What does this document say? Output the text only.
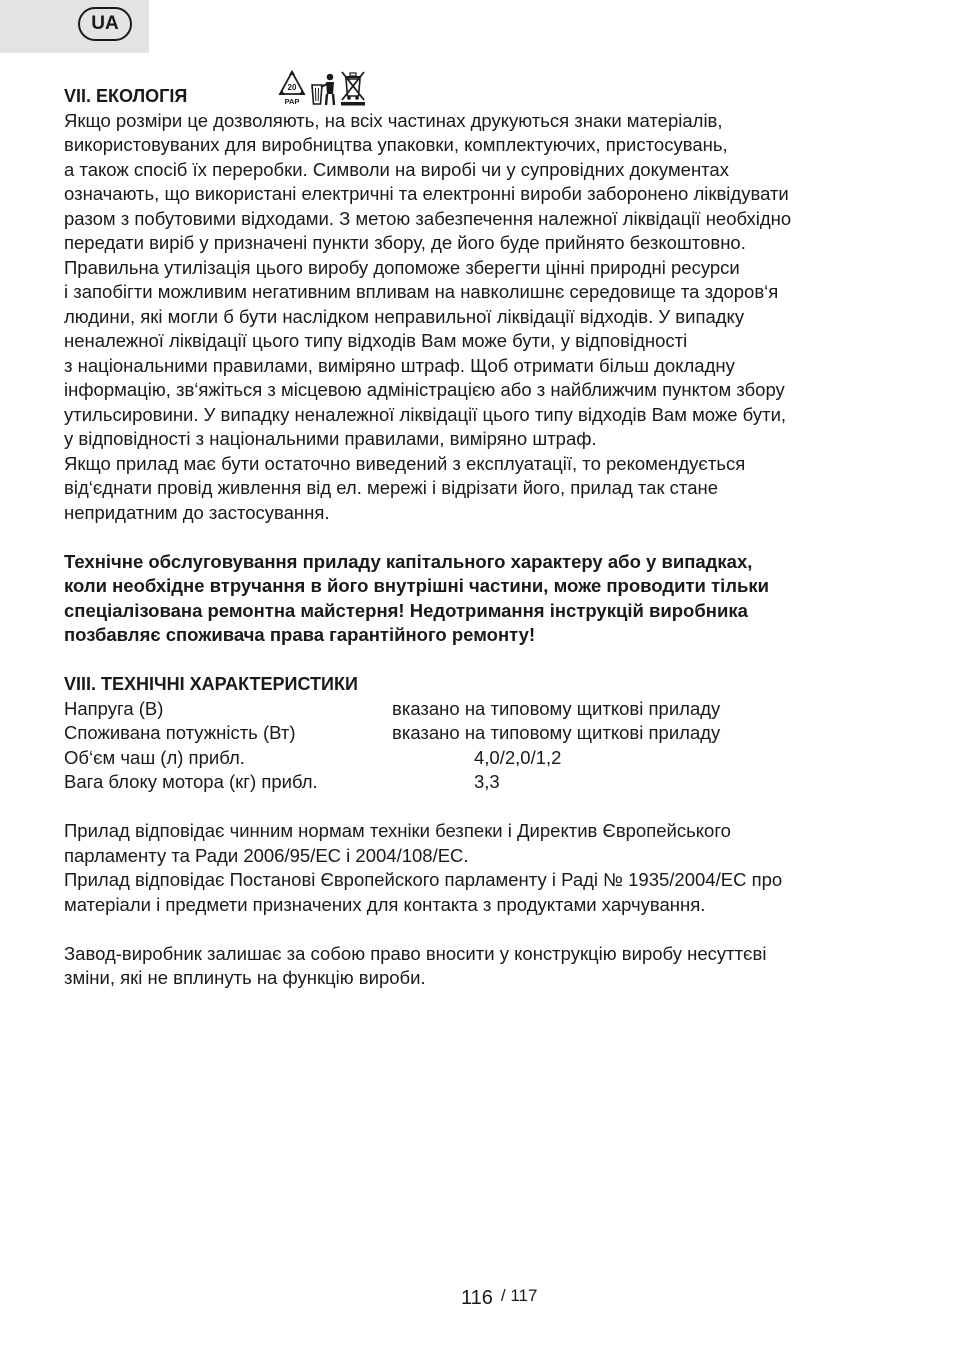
UA
VII. ЕКОЛОГІЯ	20
PAP

Якщо розміри це дозволяють, на всіх частинах друкуються знаки матеріалів,

використовуваних для виробництва упаковки, комплектуючих, пристосувань,

а також спосіб їх переробки. Символи на виробі чи у супровідних документах

означають, що використані електричні та електронні вироби заборонено ліквідувати

разом з побутовими відходами. З метою забезпечення належної ліквідації необхідно

передати виріб у призначені пункти збору, де його буде прийнято безкоштовно.

Правильна утилізація цього виробу допоможе зберегти цінні природні ресурси

і запобігти можливим негативним впливам на навколишнє середовище та здоров‘я

людини, які могли б бути наслідком неправильної ліквідації відходів. У випадку

неналежної ліквідації цього типу відходів Вам може бути, у відповідності

з національними правилами, виміряно штраф. Щоб отримати більш докладну

інформацію, зв‘яжіться з місцевою адміністрацією або з найближчим пунктом збору

утильсировини. У випадку неналежної ліквідації цього типу відходів Вам може бути,

у відповідності з національними правилами, виміряно штраф.

Якщо прилад має бути остаточно виведений з експлуатації, то рекомендується

від‘єднати провід живлення від ел. мережі і відрізати його, прилад так стане

непридатним до застосування.

Технічне обслуговування приладу капітального характеру або у випадках,

коли необхідне втручання в його внутрішні частини, може проводити тільки

спеціалізована ремонтна майстерня! Недотримання інструкцій виробника

позбавляє споживача права гарантійного ремонту!

VIII. ТЕХНІЧНІ ХАРАКТЕРИСТИКИ
Напруга (В)	вказано на типовому щиткові приладу
Споживана потужність (Вт)	вказано на типовому щиткові приладу
Об‘єм чаш (л) прибл.	4,0/2,0/1,2
Вага блоку мотора (кг) прибл.	3,3

Прилад відповідає чинним нормам техніки безпеки і Директив Європейського

парламенту та Ради 2006/95/ЕС і 2004/108/ЕС.

Прилад відповідає Постанові Європейского парламенту і Раді № 1935/2004/ЕС про

матеріали і предмети призначених для контакта з продуктами харчування.

Завод-виробник залишає за собою право вносити у конструкцію виробу несуттєві

зміни, які не вплинуть на функцію вироби.

116 / 117
